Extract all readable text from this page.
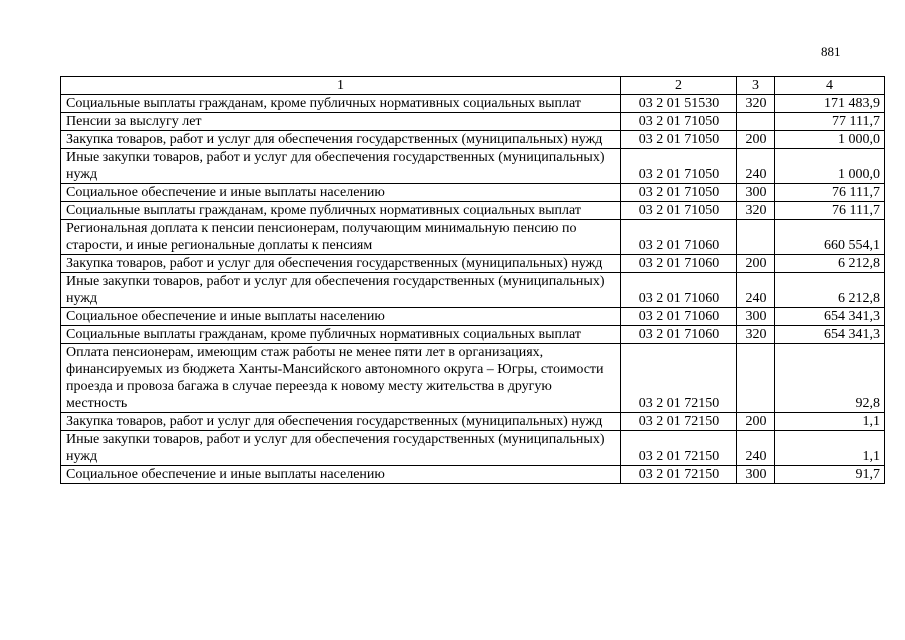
881
1	2	3	4
Социальные выплаты гражданам, кроме публичных нормативных социальных выплат	03 2 01 51530	320	171 483,9
Пенсии за выслугу лет	03 2 01 71050		77 111,7
Закупка товаров, работ и услуг для обеспечения государственных (муниципальных) нужд	03 2 01 71050	200	1 000,0
Иные закупки товаров, работ и услуг для обеспечения государственных (муниципальных) нужд	03 2 01 71050	240	1 000,0
Социальное обеспечение и иные выплаты населению	03 2 01 71050	300	76 111,7
Социальные выплаты гражданам, кроме публичных нормативных социальных выплат	03 2 01 71050	320	76 111,7
Региональная доплата к пенсии пенсионерам, получающим минимальную пенсию по старости, и иные региональные доплаты к пенсиям	03 2 01 71060		660 554,1
Закупка товаров, работ и услуг для обеспечения государственных (муниципальных) нужд	03 2 01 71060	200	6 212,8
Иные закупки товаров, работ и услуг для обеспечения государственных (муниципальных) нужд	03 2 01 71060	240	6 212,8
Социальное обеспечение и иные выплаты населению	03 2 01 71060	300	654 341,3
Социальные выплаты гражданам, кроме публичных нормативных социальных выплат	03 2 01 71060	320	654 341,3
Оплата пенсионерам, имеющим стаж работы не менее пяти лет в организациях, финансируемых из бюджета Ханты-Мансийского автономного округа – Югры, стоимости проезда и провоза багажа в случае переезда к новому месту жительства в другую местность	03 2 01 72150		92,8
Закупка товаров, работ и услуг для обеспечения государственных (муниципальных) нужд	03 2 01 72150	200	1,1
Иные закупки товаров, работ и услуг для обеспечения государственных (муниципальных) нужд	03 2 01 72150	240	1,1
Социальное обеспечение и иные выплаты населению	03 2 01 72150	300	91,7
